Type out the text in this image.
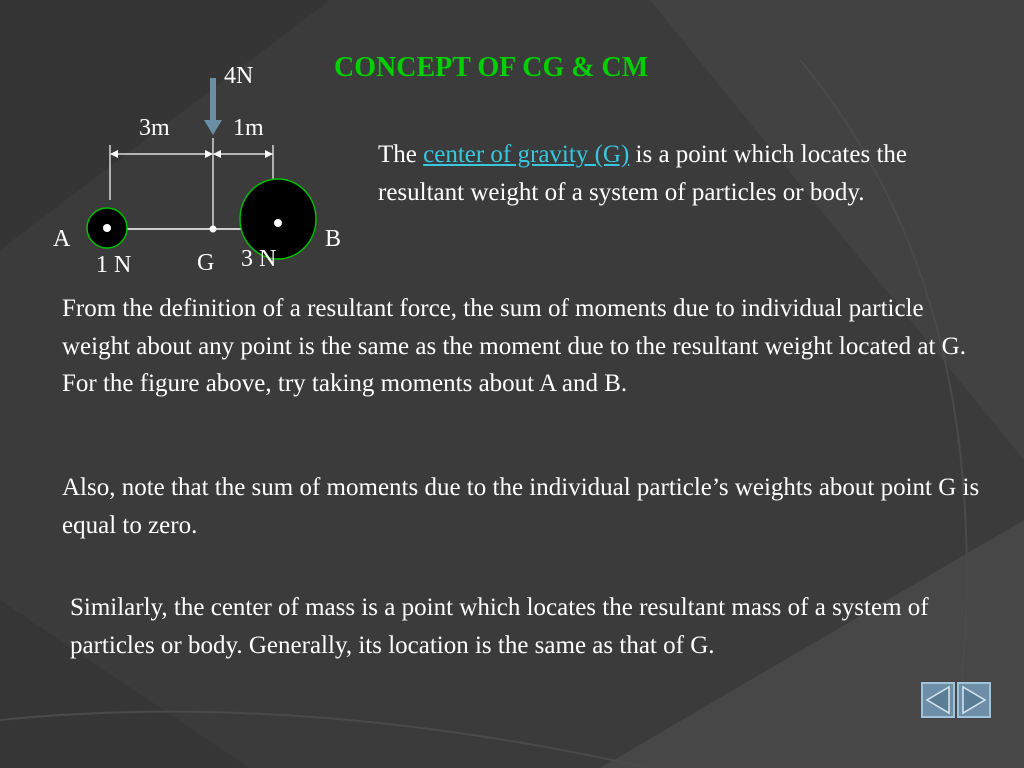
CONCEPT OF CG & CM

The center of gravity (G) is a point which locates the resultant weight of a system of particles or body.

From the definition of a resultant force, the sum of moments due to individual particle weight about any point is the same as the moment due to the resultant weight located at G. For the figure above, try taking moments about A and B.

Also, note that the sum of moments due to the individual particle’s weights about point G is equal to zero.

Similarly, the center of mass is a point which locates the resultant mass of a system of particles or body. Generally, its location is the same as that of G.

4N
3m	1m
A	B
G
1 N	3 N
